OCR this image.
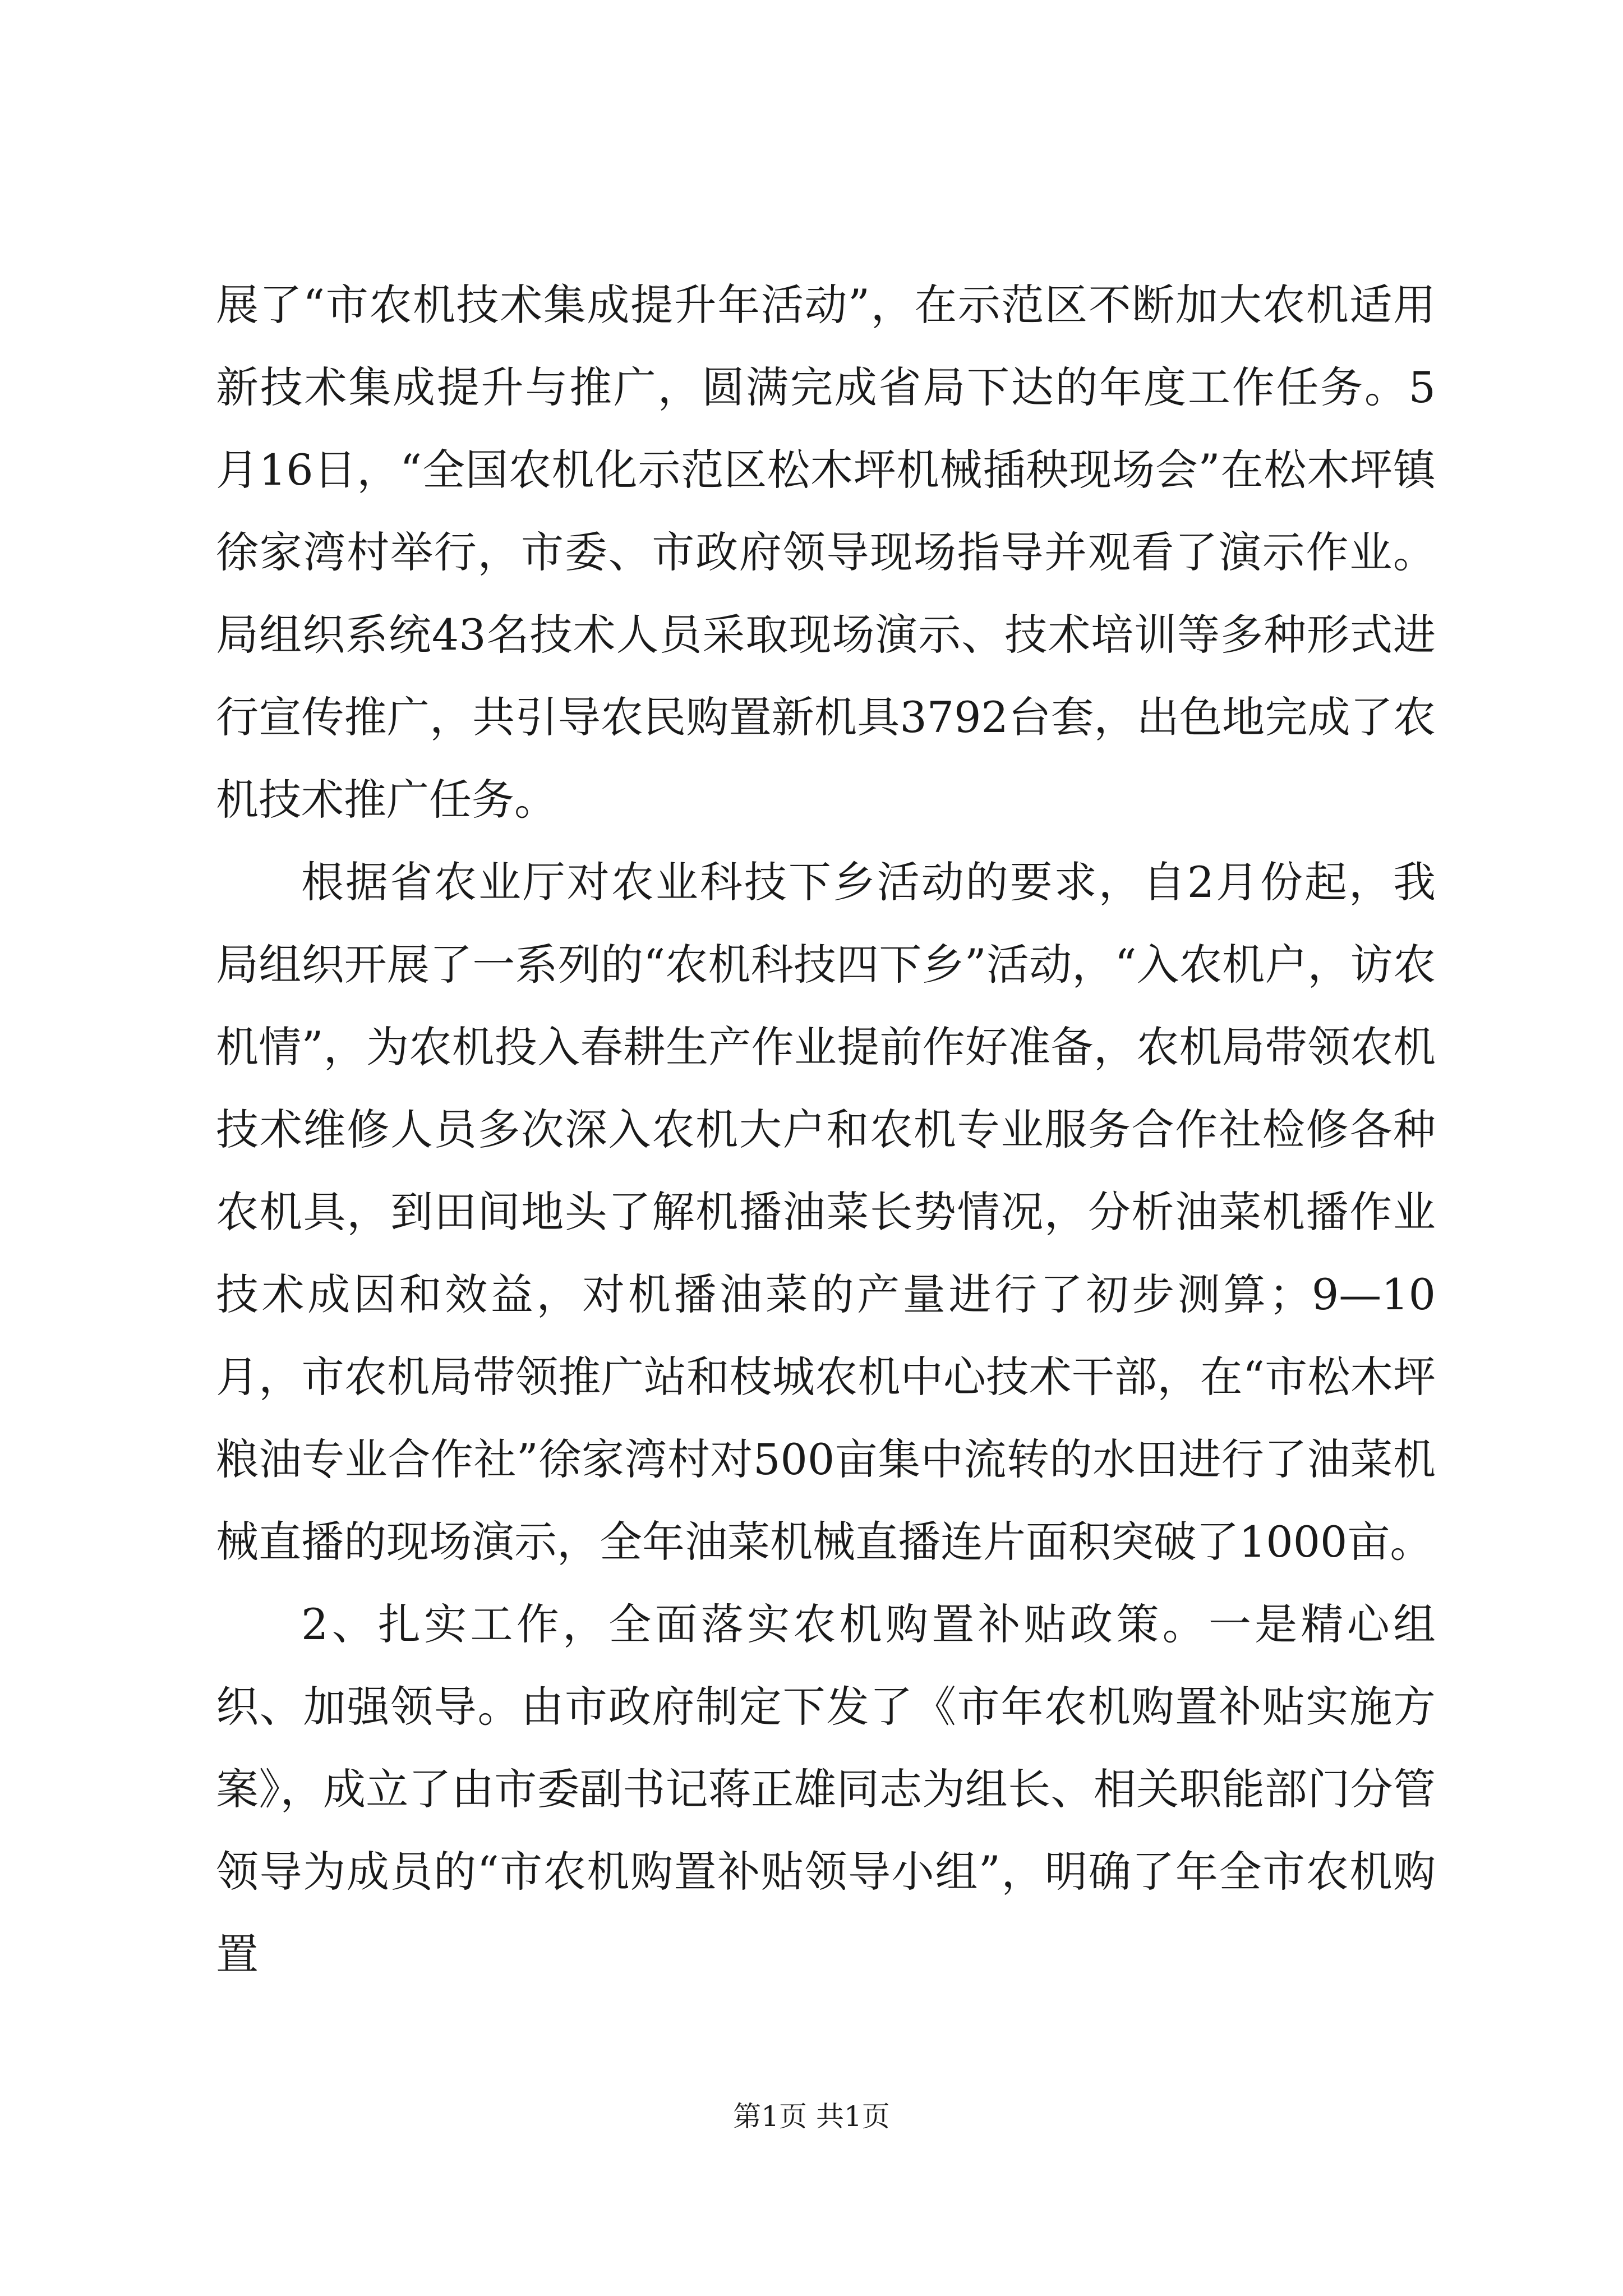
展了“市农机技术集成提升年活动”，在示范区不断加大农机适用新技术集成提升与推广，圆满完成省局下达的年度工作任务。5月16日，“全国农机化示范区松木坪机械插秧现场会”在松木坪镇徐家湾村举行，市委、市政府领导现场指导并观看了演示作业。局组织系统43名技术人员采取现场演示、技术培训等多种形式进行宣传推广，共引导农民购置新机具3792台套，出色地完成了农机技术推广任务。

根据省农业厅对农业科技下乡活动的要求，自2月份起，我局组织开展了一系列的“农机科技四下乡”活动，“入农机户，访农机情”，为农机投入春耕生产作业提前作好准备，农机局带领农机技术维修人员多次深入农机大户和农机专业服务合作社检修各种农机具，到田间地头了解机播油菜长势情况，分析油菜机播作业技术成因和效益，对机播油菜的产量进行了初步测算；9—10月，市农机局带领推广站和枝城农机中心技术干部，在“市松木坪粮油专业合作社”徐家湾村对500亩集中流转的水田进行了油菜机械直播的现场演示，全年油菜机械直播连片面积突破了1000亩。

2、扎实工作，全面落实农机购置补贴政策。一是精心组织、加强领导。由市政府制定下发了《市年农机购置补贴实施方案》，成立了由市委副书记蒋正雄同志为组长、相关职能部门分管领导为成员的“市农机购置补贴领导小组”，明确了年全市农机购置

第1页 共1页
